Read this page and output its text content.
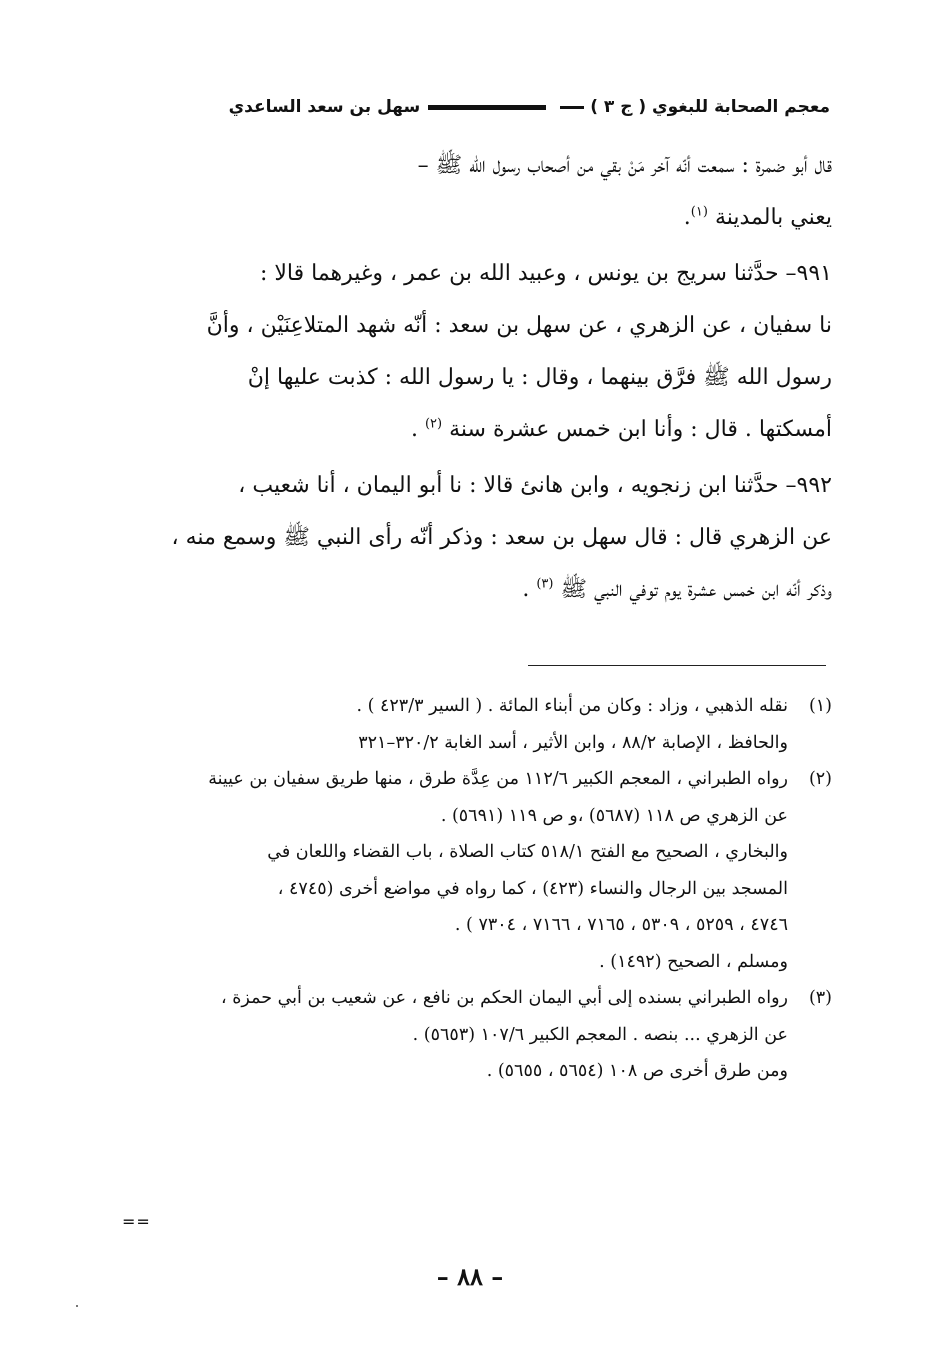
معجم الصحابة للبغوي ( ج ٣ )
سهل بن سعد الساعدي

قال أبو ضمرة : سمعت أنّه آخر مَنْ بقي من أصحاب رسول الله ﷺ –
يعني بالمدينة $^{(١)}$.

٩٩١– حدَّثنا سريج بن يونس ، وعبيد الله بن عمر ، وغيرهما قالا :
نا سفيان ، عن الزهري ، عن سهل بن سعد : أنّه شهد المتلاعِنَيْن ، وأنَّ
رسول الله ﷺ فرَّق بينهما ، وقال : يا رسول الله : كذبت عليها إنْ
أمسكتها . قال : وأنا ابن خمس عشرة سنة $^{(٢)}$ .

٩٩٢– حدَّثنا ابن زنجويه ، وابن هانئ قالا : نا أبو اليمان ، أنا شعيب ،
عن الزهري قال : قال سهل بن سعد : وذكر أنّه رأى النبي ﷺ وسمع منه ،
وذكر أنّه ابن خمس عشرة يوم توفي النبي ﷺ $^{(٣)}$ .

(١)نقله الذهبي ، وزاد : وكان من أبناء المائة . ( السير ٤٢٣/٣ ) .
والحافظ ، الإصابة ٨٨/٢ ، وابن الأثير ، أسد الغابة ٣٢٠/٢–٣٢١
(٢)رواه الطبراني ، المعجم الكبير ١١٢/٦ من عِدَّة طرق ، منها طريق سفيان بن عيينة
عن الزهري ص ١١٨ (٥٦٨٧) ،و ص ١١٩ (٥٦٩١) .
والبخاري ، الصحيح مع الفتح ٥١٨/١ كتاب الصلاة ، باب القضاء واللعان في
المسجد بين الرجال والنساء (٤٢٣) ، كما رواه في مواضع أخرى (٤٧٤٥ ،
٤٧٤٦ ، ٥٢٥٩ ، ٥٣٠٩ ، ٧١٦٥ ، ٧١٦٦ ، ٧٣٠٤ ) .
ومسلم ، الصحيح (١٤٩٢) .
(٣)رواه الطبراني بسنده إلى أبي اليمان الحكم بن نافع ، عن شعيب بن أبي حمزة ،
عن الزهري ... بنصه . المعجم الكبير ١٠٧/٦ (٥٦٥٣) .
ومن طرق أخرى ص ١٠٨ (٥٦٥٤ ، ٥٦٥٥) .
==
– ٨٨ –
